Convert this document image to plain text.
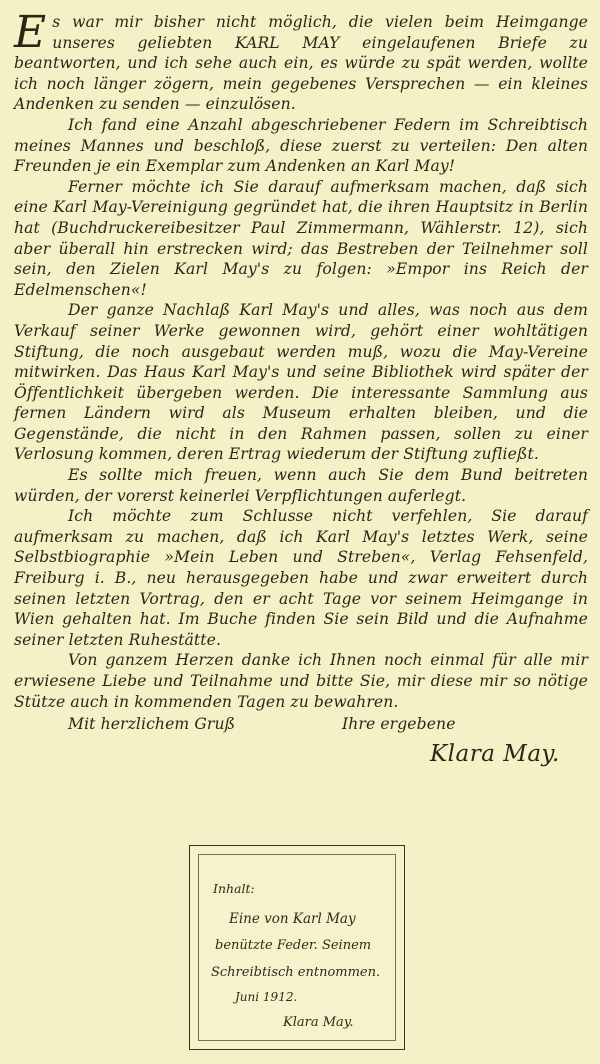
Es war mir bisher nicht möglich, die vielen beim Heimgange unseres geliebten KARL MAY eingelaufenen Briefe zu beantworten, und ich sehe auch ein, es würde zu spät werden, wollte ich noch länger zögern, mein gegebenes Versprechen — ein kleines Andenken zu senden — einzulösen.

Ich fand eine Anzahl abgeschriebener Federn im Schreibtisch meines Mannes und beschloß, diese zuerst zu verteilen: Den alten Freunden je ein Exemplar zum Andenken an Karl May!

Ferner möchte ich Sie darauf aufmerksam machen, daß sich eine Karl May-Vereinigung gegründet hat, die ihren Hauptsitz in Berlin hat (Buchdruckereibesitzer Paul Zimmermann, Wählerstr. 12), sich aber überall hin erstrecken wird; das Bestreben der Teilnehmer soll sein, den Zielen Karl May's zu folgen: »Empor ins Reich der Edelmenschen«!

Der ganze Nachlaß Karl May's und alles, was noch aus dem Verkauf seiner Werke gewonnen wird, gehört einer wohltätigen Stiftung, die noch ausgebaut werden muß, wozu die May-Vereine mitwirken. Das Haus Karl May's und seine Bibliothek wird später der Öffentlichkeit übergeben werden. Die interessante Sammlung aus fernen Ländern wird als Museum erhalten bleiben, und die Gegenstände, die nicht in den Rahmen passen, sollen zu einer Verlosung kommen, deren Ertrag wiederum der Stiftung zufließt.

Es sollte mich freuen, wenn auch Sie dem Bund beitreten würden, der vorerst keinerlei Verpflichtungen auferlegt.

Ich möchte zum Schlusse nicht verfehlen, Sie darauf aufmerksam zu machen, daß ich Karl May's letztes Werk, seine Selbstbiographie »Mein Leben und Streben«, Verlag Fehsenfeld, Freiburg i. B., neu herausgegeben habe und zwar erweitert durch seinen letzten Vortrag, den er acht Tage vor seinem Heimgange in Wien gehalten hat. Im Buche finden Sie sein Bild und die Aufnahme seiner letzten Ruhestätte.

Von ganzem Herzen danke ich Ihnen noch einmal für alle mir erwiesene Liebe und Teilnahme und bitte Sie, mir diese mir so nötige Stütze auch in kommenden Tagen zu bewahren.

Mit herzlichem Gruß	Ihre ergebene
Klara May.
Inhalt:
Eine von Karl May
benützte Feder. Seinem
Schreibtisch entnommen.
Juni 1912.
Klara May.
